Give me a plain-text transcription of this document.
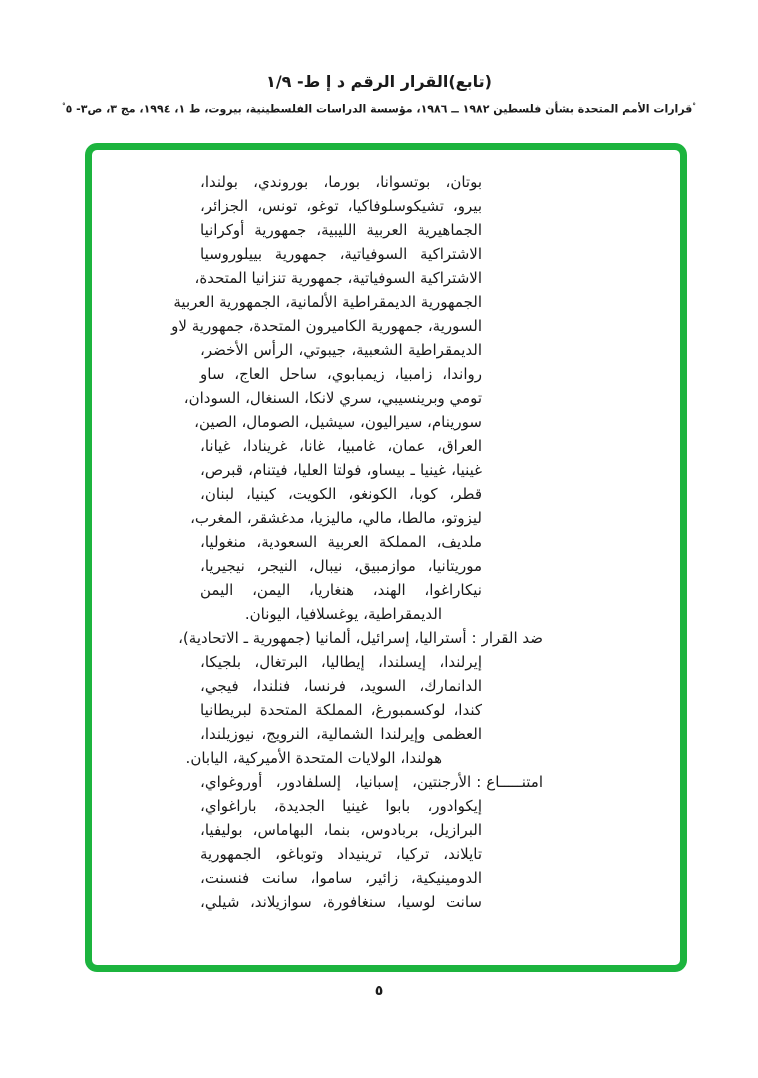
(تابع)القرار الرقم د إ ط- ١/٩
°قرارات الأمم المتحدة بشأن فلسطين ١٩٨٢ ــ ١٩٨٦، مؤسسة الدراسات الفلسطينية، بيروت، ط ١، ١٩٩٤، مج ٣، ص٣- ٥°
بوتان، بوتسوانا، بورما، بوروندي، بولندا،
بيرو، تشيكوسلوفاكيا، توغو، تونس، الجزائر،
الجماهيرية العربية الليبية، جمهورية أوكرانيا
الاشتراكية السوفياتية، جمهورية بييلوروسيا
الاشتراكية السوفياتية، جمهورية تنزانيا المتحدة،
الجمهورية الديمقراطية الألمانية، الجمهورية العربية
السورية، جمهورية الكاميرون المتحدة، جمهورية لاو
الديمقراطية الشعبية، جيبوتي، الرأس الأخضر،
رواندا، زامبيا، زيمبابوي، ساحل العاج، ساو
تومي وبرينسيبي، سري لانكا، السنغال، السودان،
سورينام، سيراليون، سيشيل، الصومال، الصين،
العراق، عمان، غامبيا، غانا، غرينادا، غيانا،
غينيا، غينيا ـ بيساو، فولتا العليا، فيتنام، قبرص،
قطر، كوبا، الكونغو، الكويت، كينيا، لبنان،
ليزوتو، مالطا، مالي، ماليزيا، مدغشقر، المغرب،
ملديف، المملكة العربية السعودية، منغوليا،
موريتانيا، موازمبيق، نيبال، النيجر، نيجيريا،
نيكاراغوا، الهند، هنغاريا، اليمن، اليمن
الديمقراطية، يوغسلافيا، اليونان.
ضد القرار:أستراليا، إسرائيل، ألمانيا (جمهورية ـ الاتحادية)،
إيرلندا، إيسلندا، إيطاليا، البرتغال، بلجيكا،
الدانمارك، السويد، فرنسا، فنلندا، فيجي،
كندا، لوكسمبورغ، المملكة المتحدة لبريطانيا
العظمى وإيرلندا الشمالية، النرويج، نيوزيلندا،
هولندا، الولايات المتحدة الأميركية، اليابان.
امتنـــــاع:الأرجنتين، إسبانيا، إلسلفادور، أوروغواي،
إيكوادور، بابوا غينيا الجديدة، باراغواي،
البرازيل، بربادوس، بنما، البهاماس، بوليفيا،
تايلاند، تركيا، ترينيداد وتوباغو، الجمهورية
الدومينيكية، زائير، ساموا، سانت فنسنت،
سانت لوسيا، سنغافورة، سوازيلاند، شيلي،
٥
